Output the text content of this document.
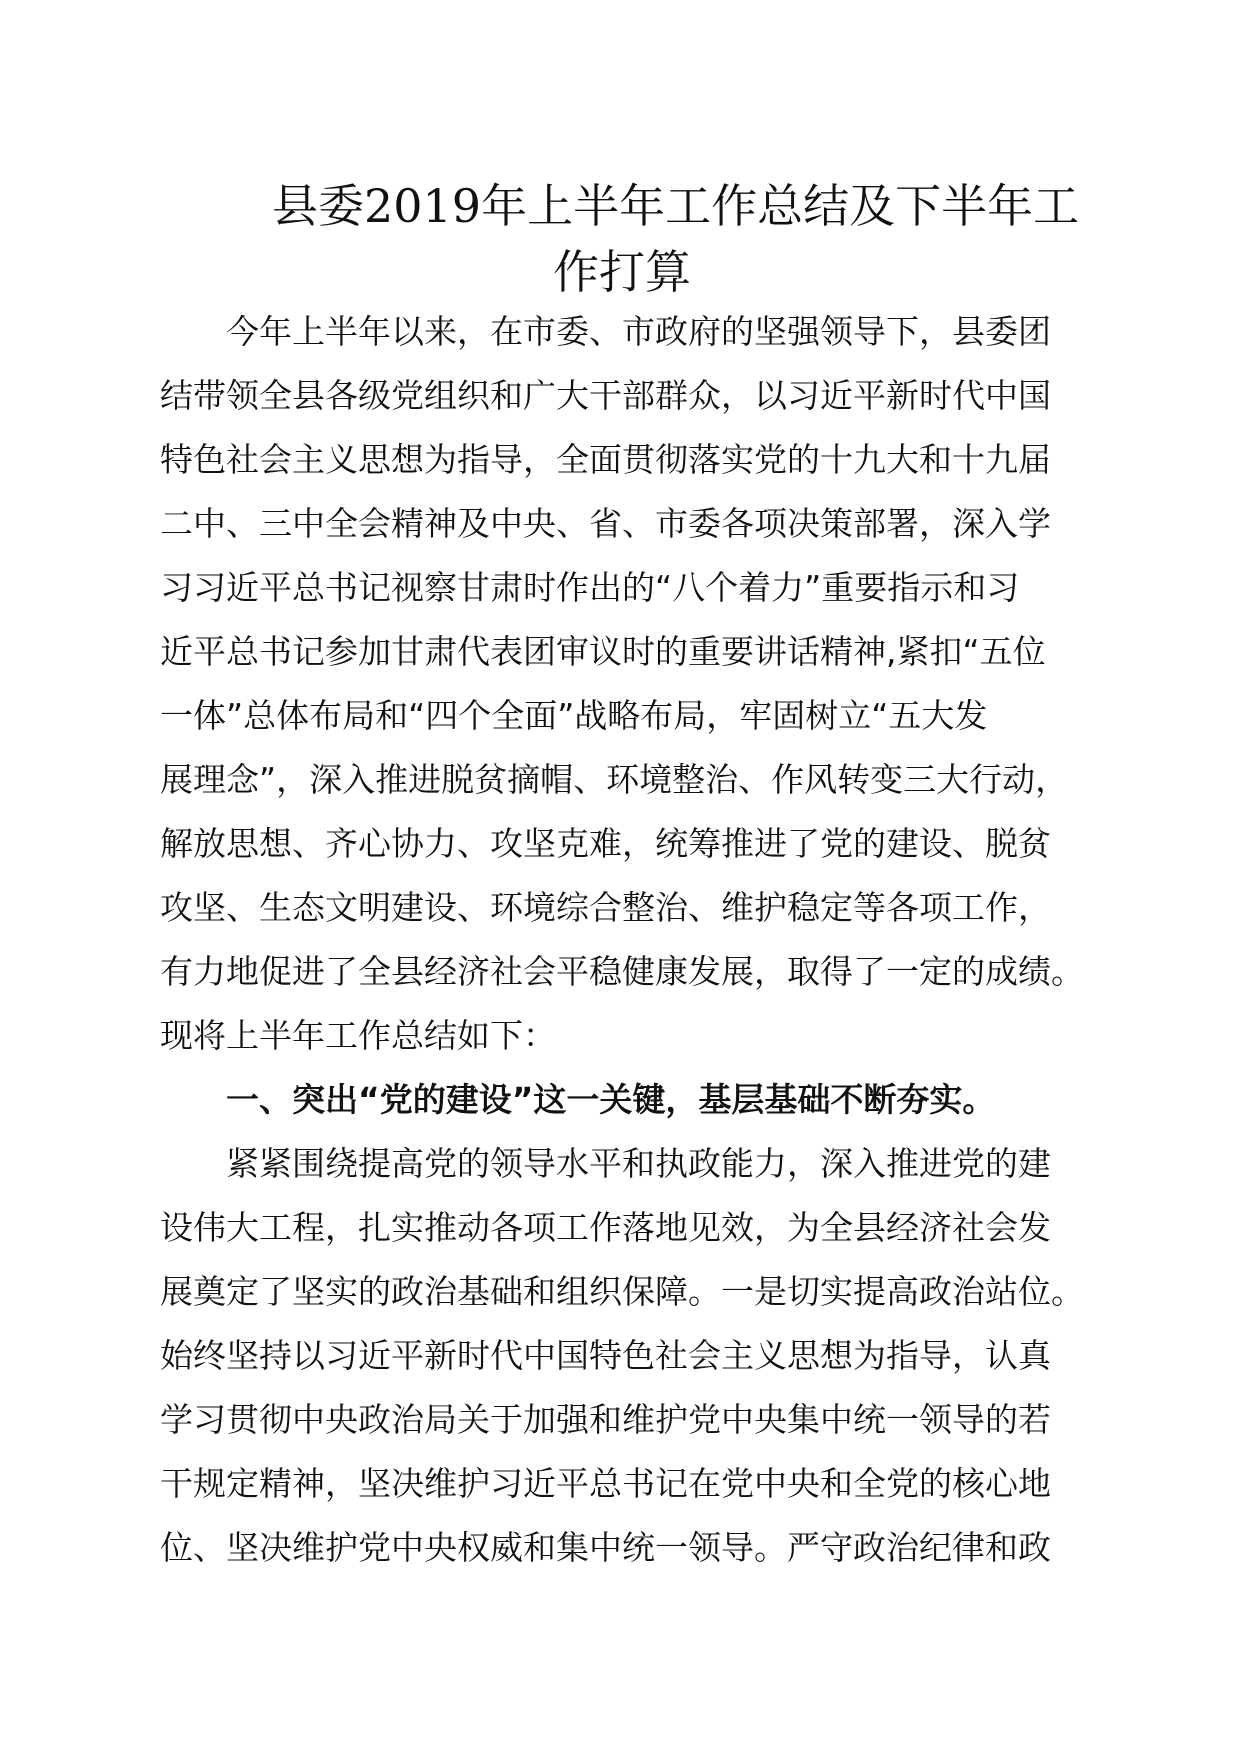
县委2019年上半年工作总结及下半年工
作打算
今年上半年以来，在市委、市政府的坚强领导下，县委团
结带领全县各级党组织和广大干部群众，以习近平新时代中国
特色社会主义思想为指导，全面贯彻落实党的十九大和十九届
二中、三中全会精神及中央、省、市委各项决策部署，深入学
习习近平总书记视察甘肃时作出的“八个着力”重要指示和习
近平总书记参加甘肃代表团审议时的重要讲话精神,紧扣“五位
一体”总体布局和“四个全面”战略布局，牢固树立“五大发
展理念”，深入推进脱贫摘帽、环境整治、作风转变三大行动，
解放思想、齐心协力、攻坚克难，统筹推进了党的建设、脱贫
攻坚、生态文明建设、环境综合整治、维护稳定等各项工作，
有力地促进了全县经济社会平稳健康发展，取得了一定的成绩。
现将上半年工作总结如下：
一、突出“党的建设”这一关键，基层基础不断夯实。
紧紧围绕提高党的领导水平和执政能力，深入推进党的建
设伟大工程，扎实推动各项工作落地见效，为全县经济社会发
展奠定了坚实的政治基础和组织保障。一是切实提高政治站位。
始终坚持以习近平新时代中国特色社会主义思想为指导，认真
学习贯彻中央政治局关于加强和维护党中央集中统一领导的若
干规定精神，坚决维护习近平总书记在党中央和全党的核心地
位、坚决维护党中央权威和集中统一领导。严守政治纪律和政
